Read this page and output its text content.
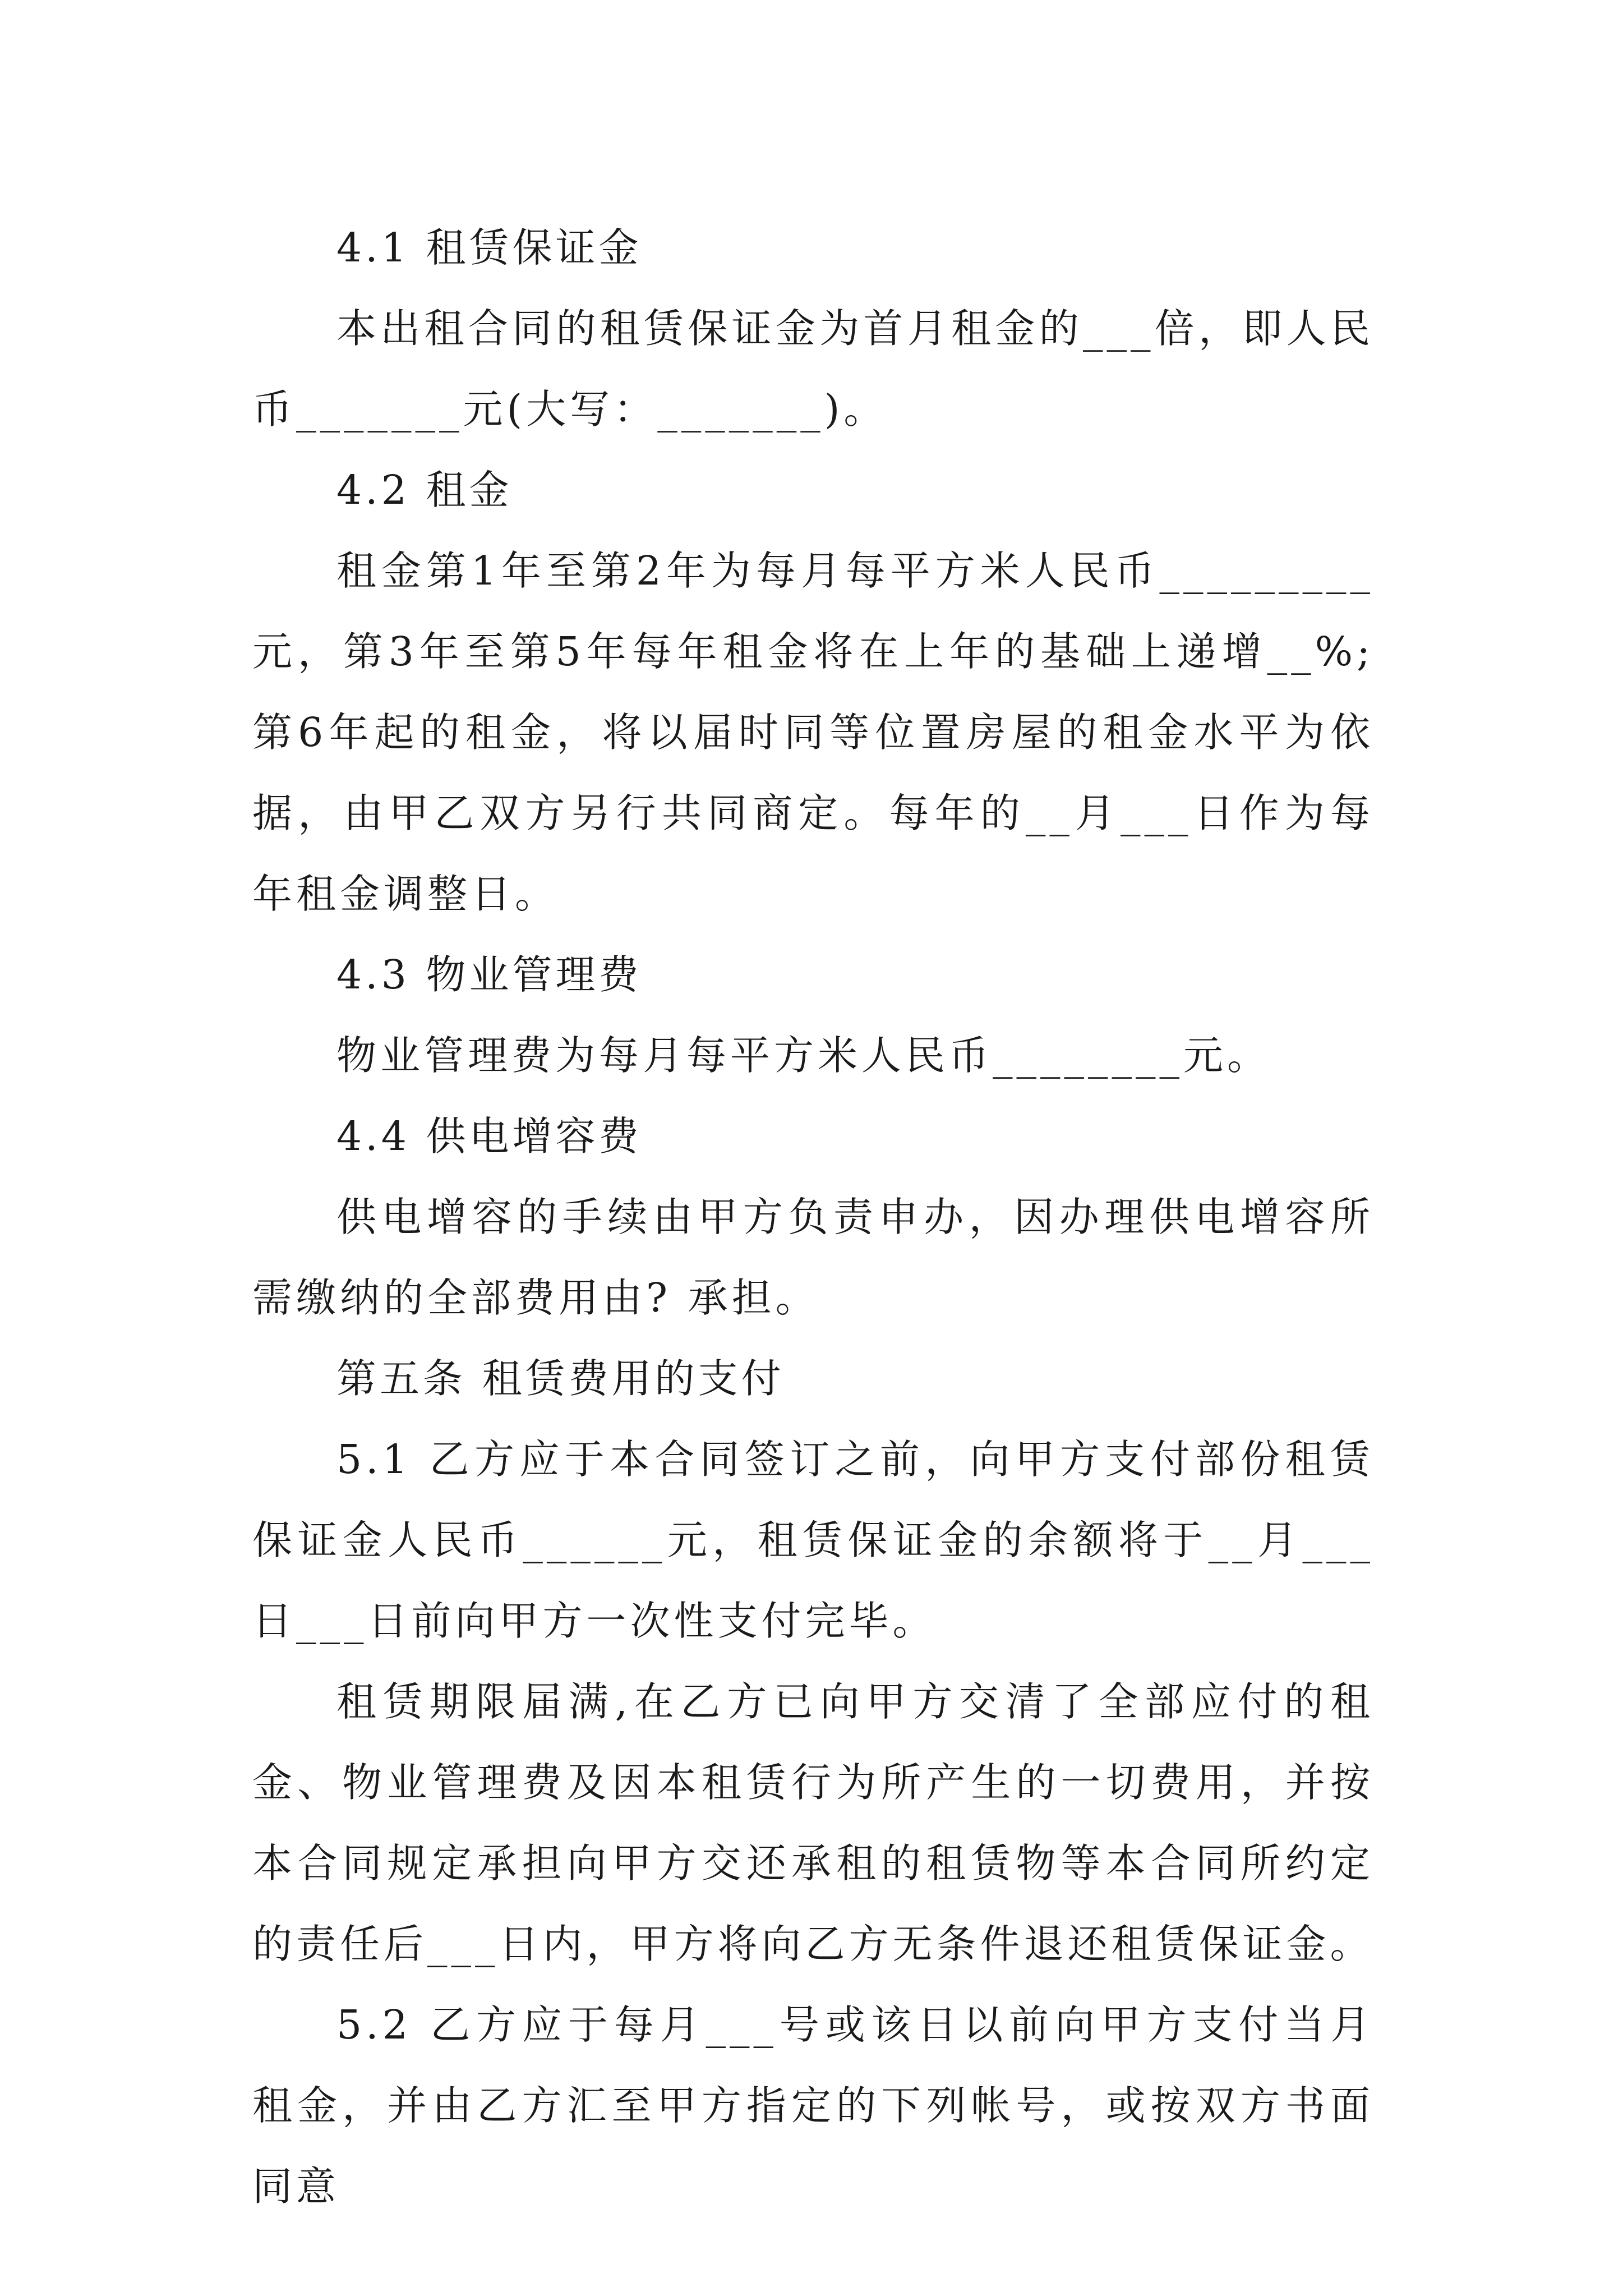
4.1 租赁保证金

本出租合同的租赁保证金为首月租金的___倍，即人民币_______元(大写：_______)。

4.2 租金

租金第1年至第2年为每月每平方米人民币_________元，第3年至第5年每年租金将在上年的基础上递增__%;第6年起的租金，将以届时同等位置房屋的租金水平为依据，由甲乙双方另行共同商定。每年的__月___日作为每年租金调整日。

4.3 物业管理费

物业管理费为每月每平方米人民币________元。

4.4 供电增容费

供电增容的手续由甲方负责申办，因办理供电增容所需缴纳的全部费用由? 承担。

第五条 租赁费用的支付

5.1 乙方应于本合同签订之前，向甲方支付部份租赁保证金人民币______元，租赁保证金的余额将于__月___日___日前向甲方一次性支付完毕。

租赁期限届满,在乙方已向甲方交清了全部应付的租金、物业管理费及因本租赁行为所产生的一切费用，并按本合同规定承担向甲方交还承租的租赁物等本合同所约定的责任后___日内，甲方将向乙方无条件退还租赁保证金。

5.2 乙方应于每月___号或该日以前向甲方支付当月租金，并由乙方汇至甲方指定的下列帐号，或按双方书面同意
